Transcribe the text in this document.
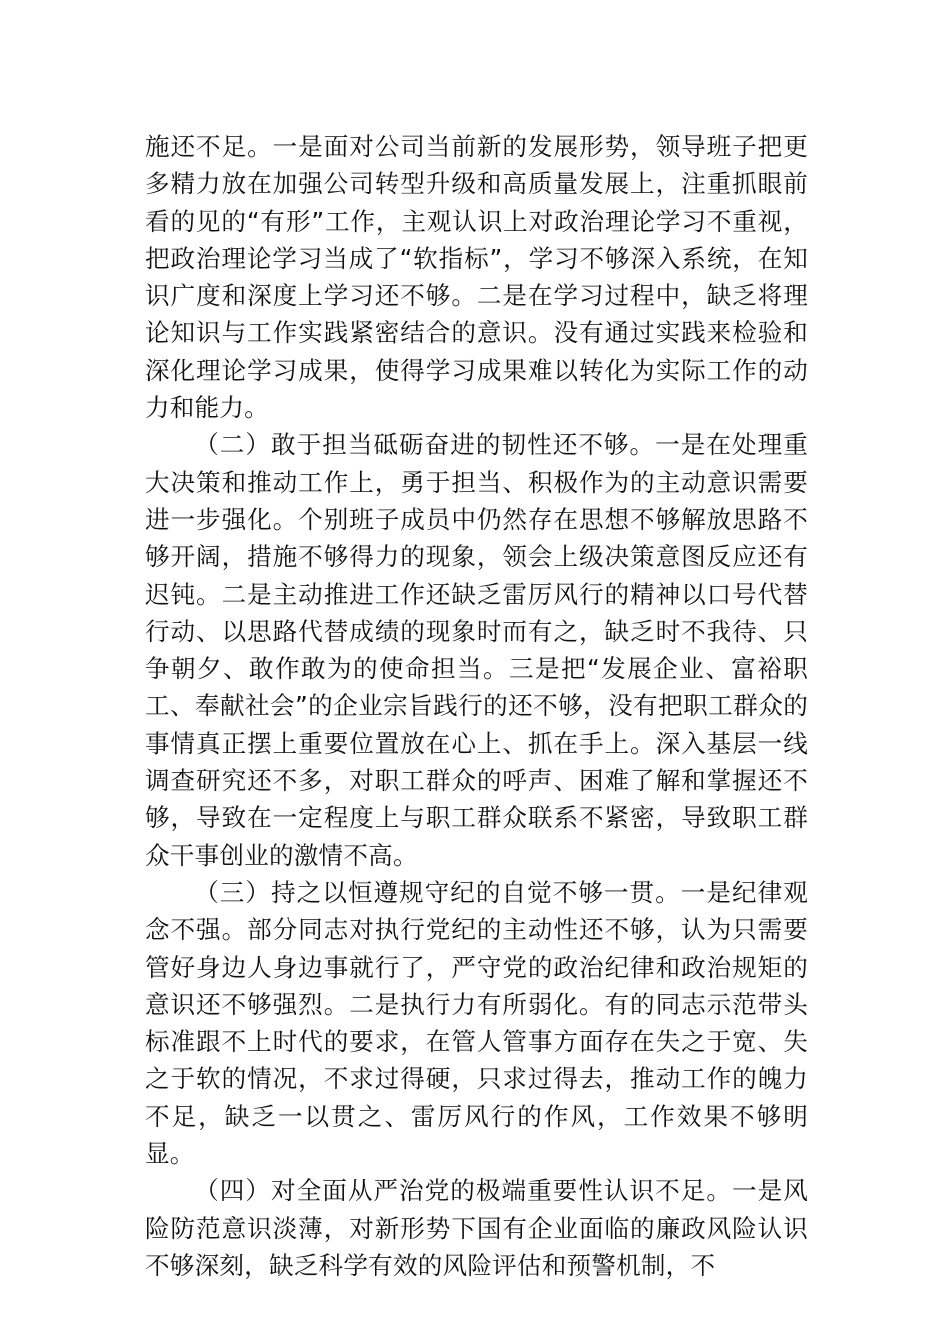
施还不足。一是面对公司当前新的发展形势，领导班子把更多精力放在加强公司转型升级和高质量发展上，注重抓眼前看的见的“有形”工作，主观认识上对政治理论学习不重视，把政治理论学习当成了“软指标”，学习不够深入系统，在知识广度和深度上学习还不够。二是在学习过程中，缺乏将理论知识与工作实践紧密结合的意识。没有通过实践来检验和深化理论学习成果，使得学习成果难以转化为实际工作的动力和能力。

（二）敢于担当砥砺奋进的韧性还不够。一是在处理重大决策和推动工作上，勇于担当、积极作为的主动意识需要进一步强化。个别班子成员中仍然存在思想不够解放思路不够开阔，措施不够得力的现象，领会上级决策意图反应还有迟钝。二是主动推进工作还缺乏雷厉风行的精神以口号代替行动、以思路代替成绩的现象时而有之，缺乏时不我待、只争朝夕、敢作敢为的使命担当。三是把“发展企业、富裕职工、奉献社会”的企业宗旨践行的还不够，没有把职工群众的事情真正摆上重要位置放在心上、抓在手上。深入基层一线调查研究还不多，对职工群众的呼声、困难了解和掌握还不够，导致在一定程度上与职工群众联系不紧密，导致职工群众干事创业的激情不高。

（三）持之以恒遵规守纪的自觉不够一贯。一是纪律观念不强。部分同志对执行党纪的主动性还不够，认为只需要管好身边人身边事就行了，严守党的政治纪律和政治规矩的意识还不够强烈。二是执行力有所弱化。有的同志示范带头标准跟不上时代的要求，在管人管事方面存在失之于宽、失之于软的情况，不求过得硬，只求过得去，推动工作的魄力不足，缺乏一以贯之、雷厉风行的作风，工作效果不够明显。

（四）对全面从严治党的极端重要性认识不足。一是风险防范意识淡薄，对新形势下国有企业面临的廉政风险认识不够深刻，缺乏科学有效的风险评估和预警机制，不
